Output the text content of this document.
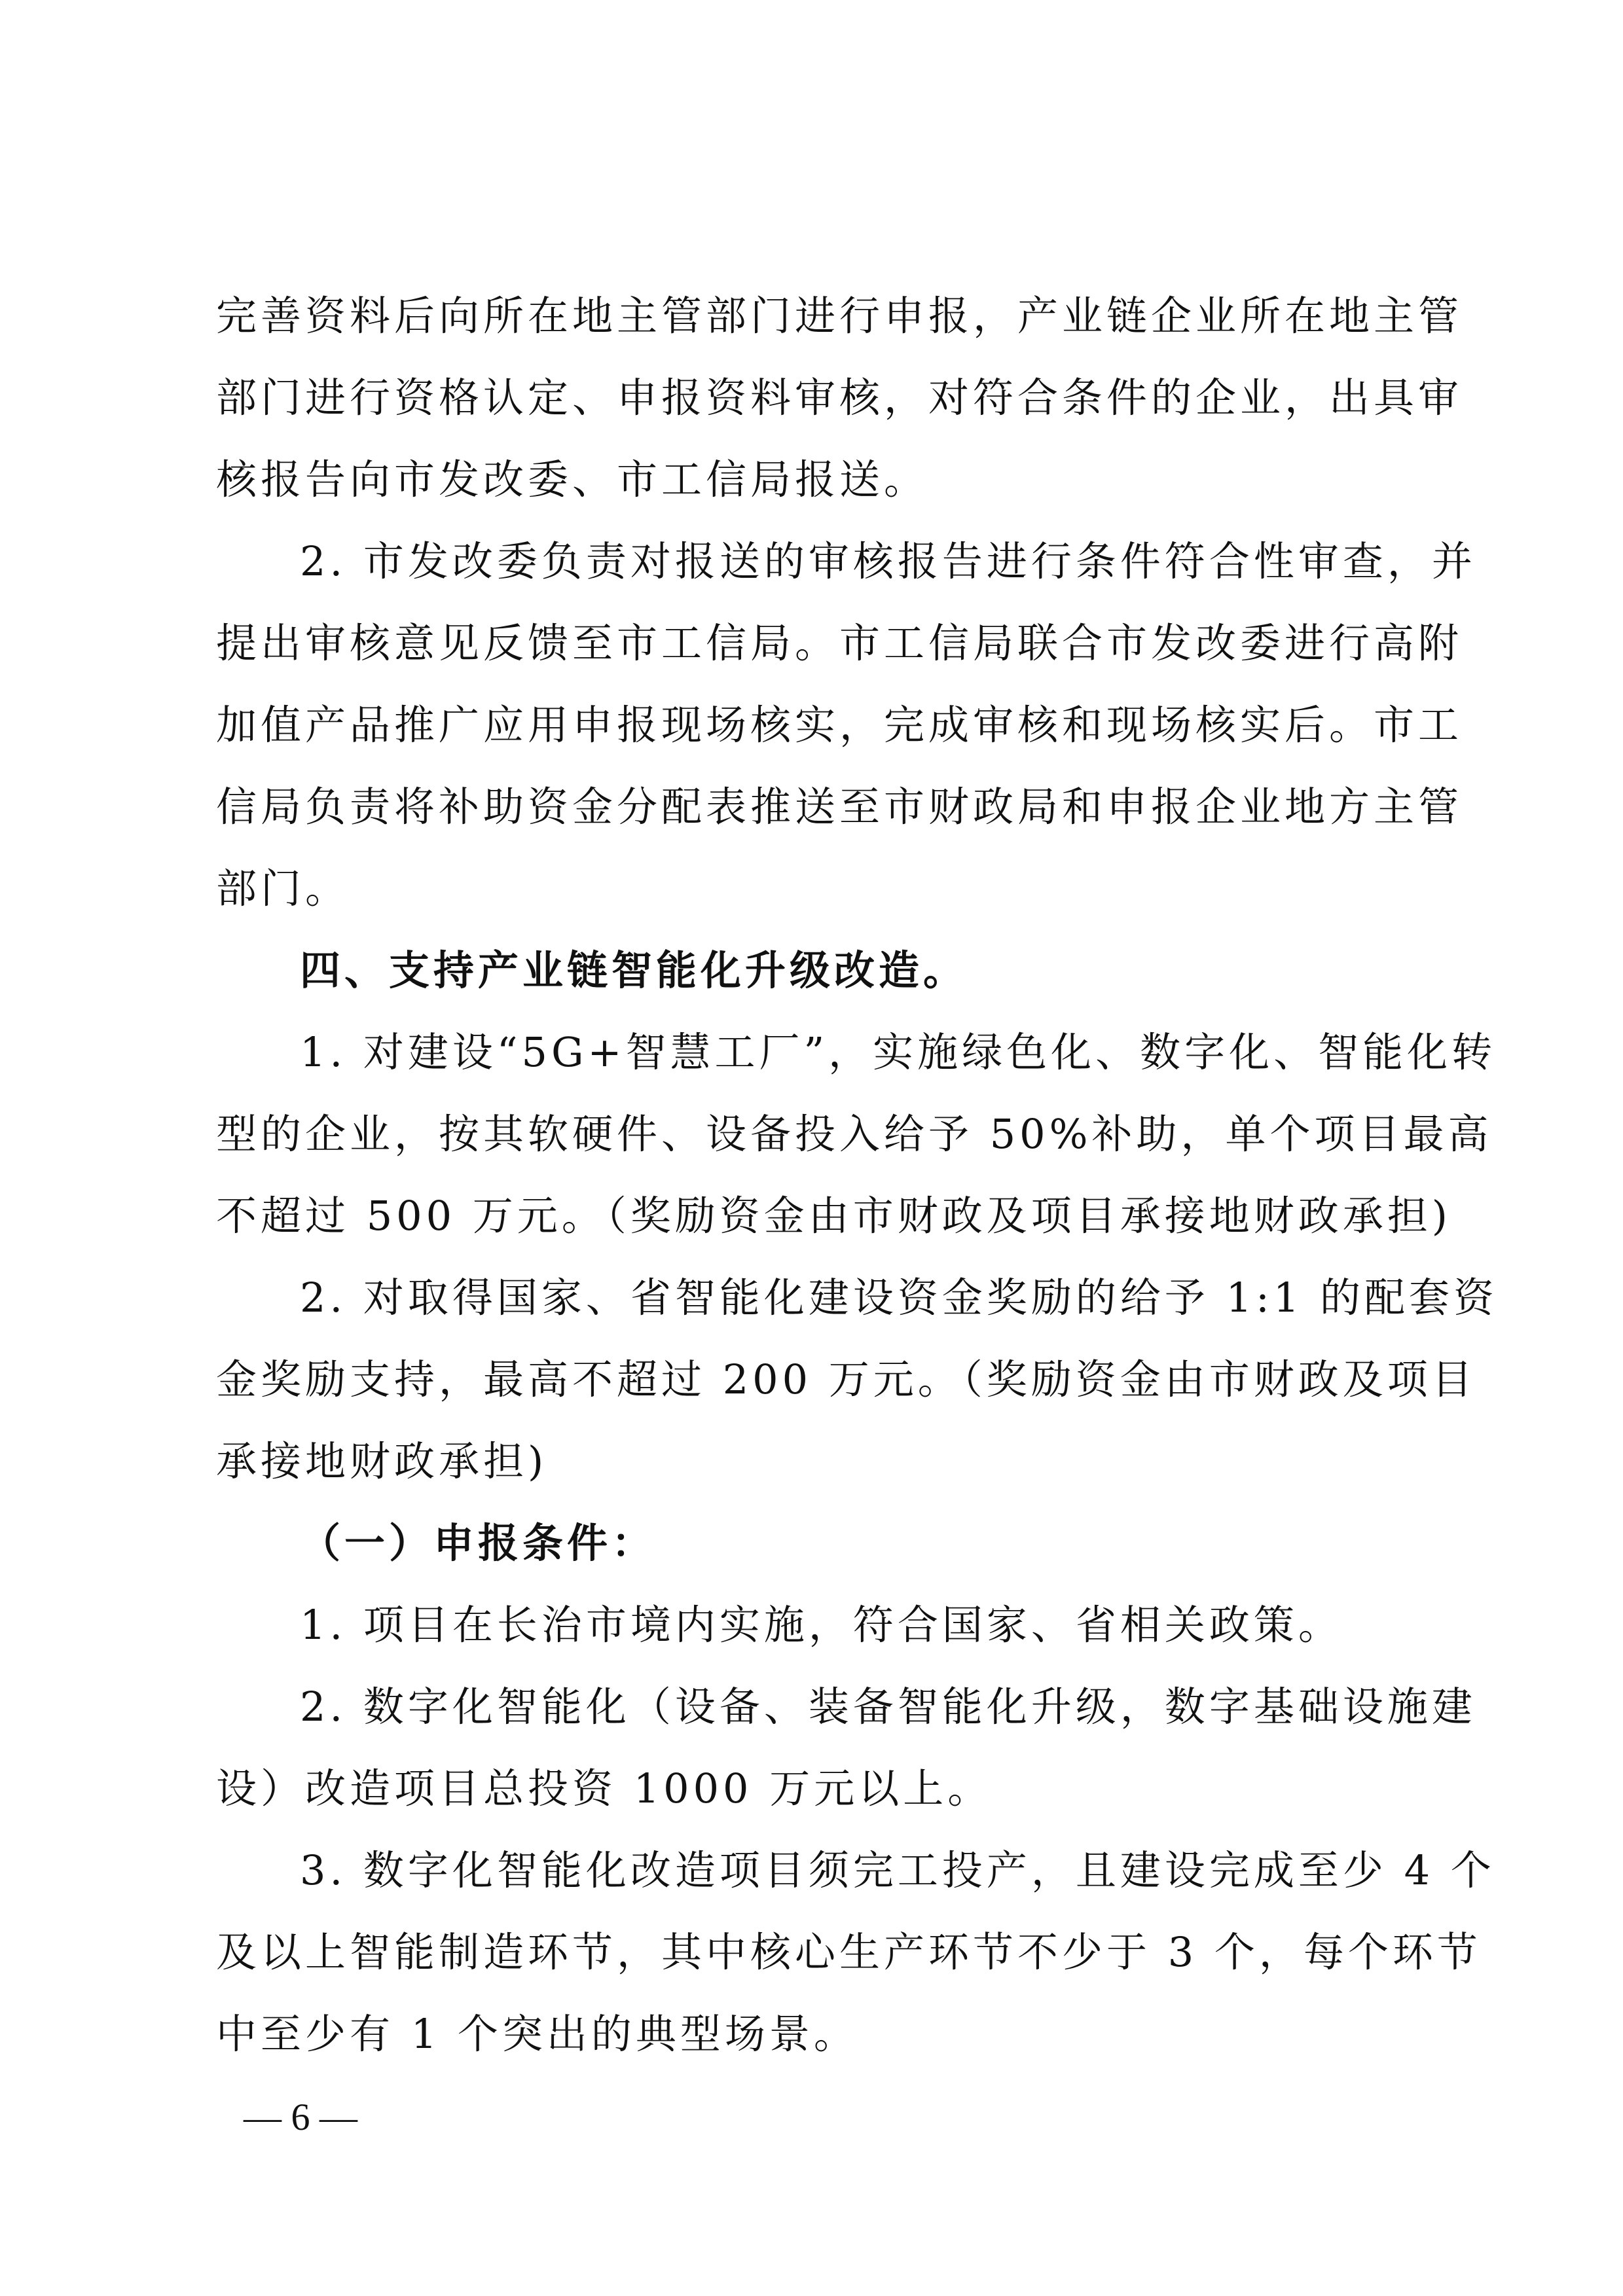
完善资料后向所在地主管部门进行申报，产业链企业所在地主管
部门进行资格认定、申报资料审核，对符合条件的企业，出具审
核报告向市发改委、市工信局报送。
2. 市发改委负责对报送的审核报告进行条件符合性审查，并
提出审核意见反馈至市工信局。市工信局联合市发改委进行高附
加值产品推广应用申报现场核实，完成审核和现场核实后。市工
信局负责将补助资金分配表推送至市财政局和申报企业地方主管
部门。
四、支持产业链智能化升级改造。
1. 对建设“5G+智慧工厂”，实施绿色化、数字化、智能化转
型的企业，按其软硬件、设备投入给予 50%补助，单个项目最高
不超过 500 万元。（奖励资金由市财政及项目承接地财政承担)
2. 对取得国家、省智能化建设资金奖励的给予 1:1 的配套资
金奖励支持，最高不超过 200 万元。（奖励资金由市财政及项目
承接地财政承担)
（一）申报条件：
1. 项目在长治市境内实施，符合国家、省相关政策。
2. 数字化智能化（设备、装备智能化升级，数字基础设施建
设）改造项目总投资 1000 万元以上。
3. 数字化智能化改造项目须完工投产，且建设完成至少 4 个
及以上智能制造环节，其中核心生产环节不少于 3 个，每个环节
中至少有 1 个突出的典型场景。
— 6 —
